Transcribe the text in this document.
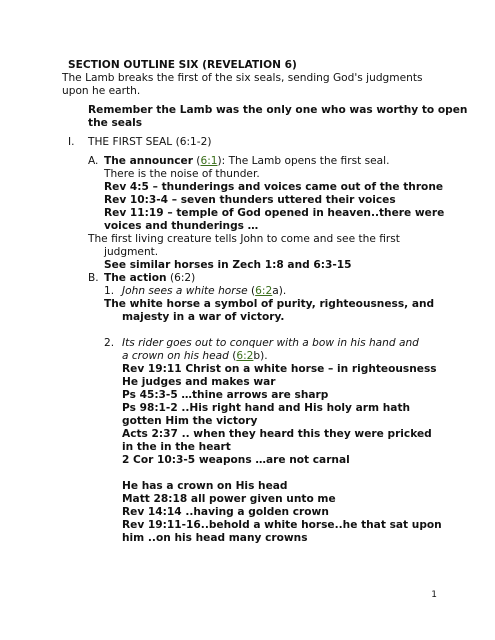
SECTION OUTLINE SIX (REVELATION 6)
The Lamb breaks the first of the six seals, sending God's judgments
upon he earth.
Remember the Lamb was the only one who was worthy to open
the seals
I. THE FIRST SEAL (6:1-2)
A. The announcer (6:1): The Lamb opens the first seal.
There is the noise of thunder.
Rev 4:5 – thunderings and voices came out of the throne
Rev 10:3-4 – seven thunders uttered their voices
Rev 11:19 – temple of God opened in heaven..there were
voices and thunderings …
The first living creature tells John to come and see the first
judgment.
See similar horses in Zech 1:8 and 6:3-15
B. The action (6:2)
1. John sees a white horse (6:2a).
The white horse a symbol of purity, righteousness, and
majesty in a war of victory.
2. Its rider goes out to conquer with a bow in his hand and
a crown on his head (6:2b).
Rev 19:11 Christ on a white horse – in righteousness
He judges and makes war
Ps 45:3-5 …thine arrows are sharp
Ps 98:1-2 ..His right hand and His holy arm hath
gotten Him the victory
Acts 2:37 .. when they heard this they were pricked
in the in the heart
2 Cor 10:3-5 weapons …are not carnal
He has a crown on His head
Matt 28:18 all power given unto me
Rev 14:14 ..having a golden crown
Rev 19:11-16..behold a white horse..he that sat upon
him ..on his head many crowns
1
